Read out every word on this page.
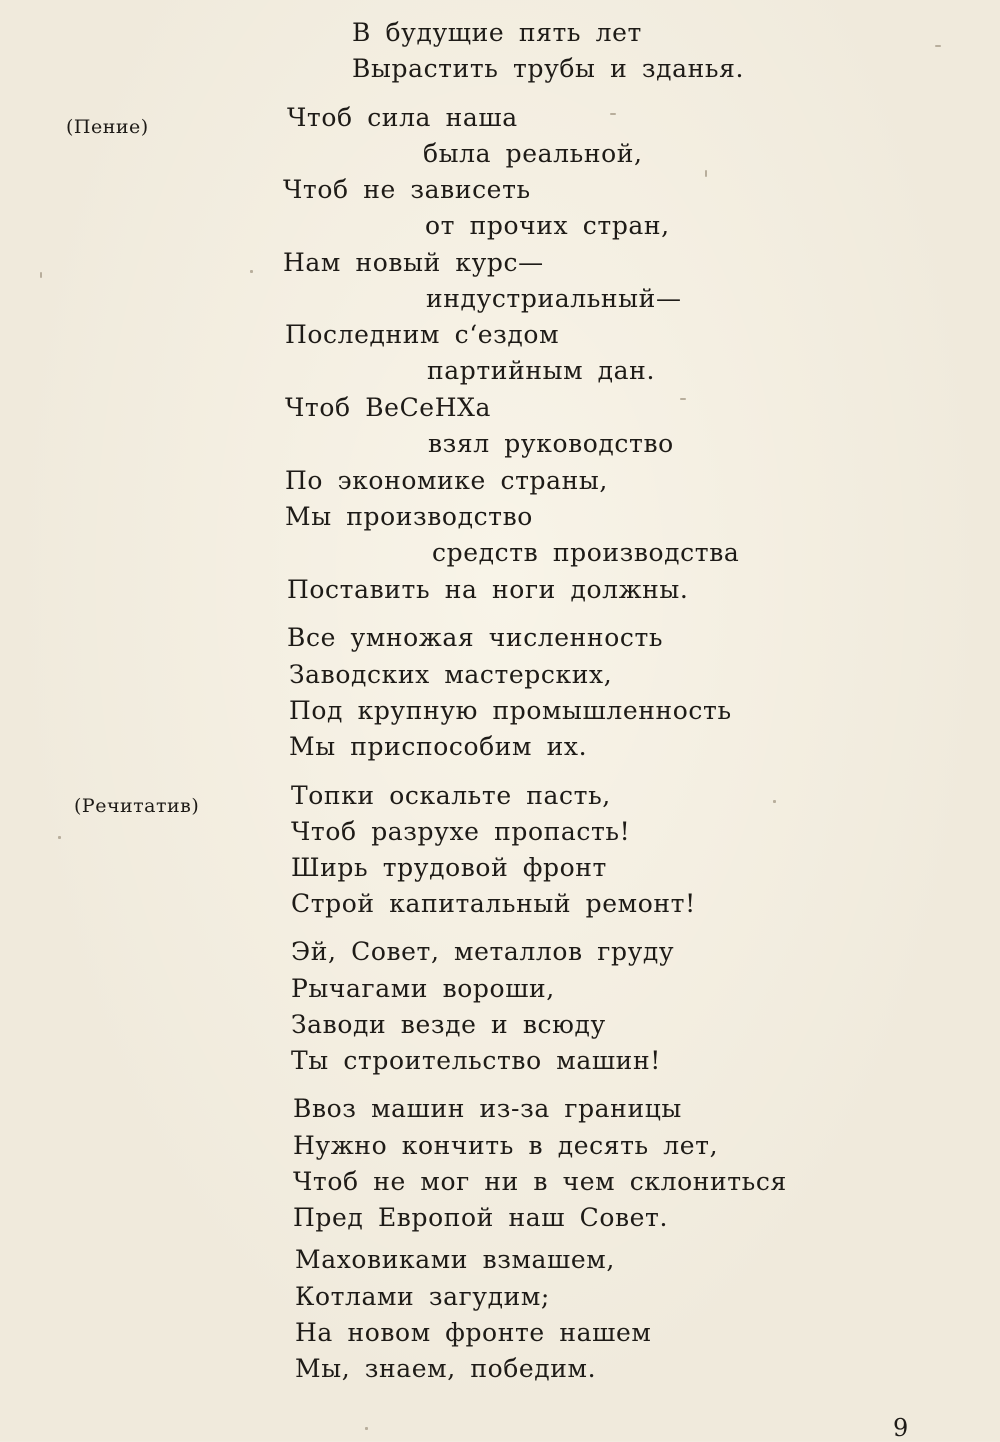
В будущие пять лет
Вырастить трубы и зданья.
(Пение)	Чтоб сила наша
была реальной,
Чтоб не зависеть
от прочих стран,
Нам новый курс—
индустриальный—
Последним с‘ездом
партийным дан.
Чтоб ВеСеНХа
взял руководство
По экономике страны,
Мы производство
средств производства
Поставить на ноги должны.
Все умножая численность
Заводских мастерских,
Под крупную промышленность
Мы приспособим их.
(Речитатив)	Топки оскальте пасть,
Чтоб разрухе пропасть!
Ширь трудовой фронт
Строй капитальный ремонт!
Эй, Совет, металлов груду
Рычагами вороши,
Заводи везде и всюду
Ты строительство машин!
Ввоз машин из-за границы
Нужно кончить в десять лет,
Чтоб не мог ни в чем склониться
Пред Европой наш Совет.
Маховиками взмашем,
Котлами загудим;
На новом фронте нашем
Мы, знаем, победим.
9
